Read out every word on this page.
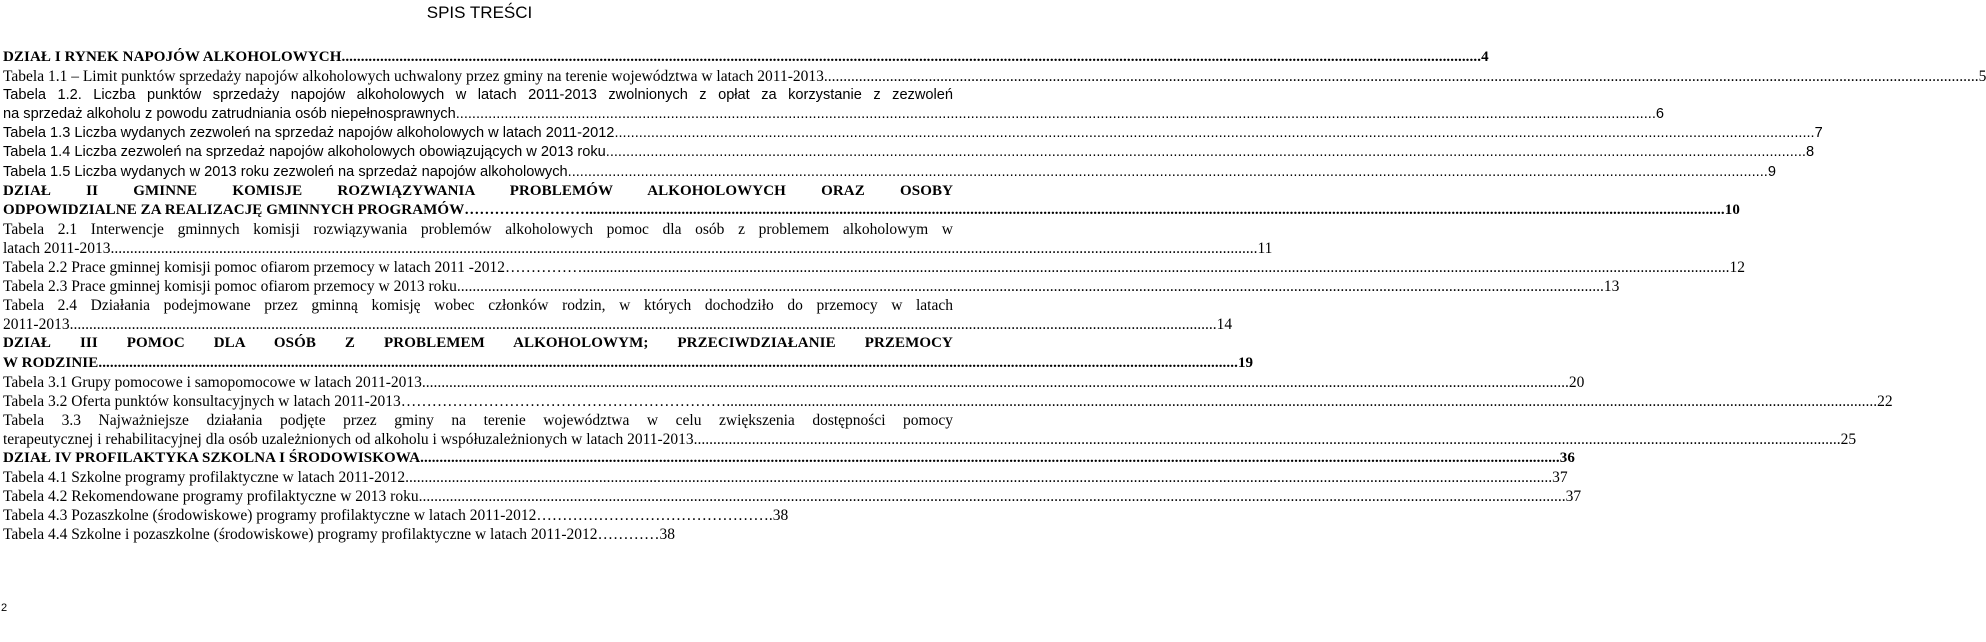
SPIS TREŚCI
DZIAŁ I RYNEK NAPOJÓW ALKOHOLOWYCH .....	4
Tabela 1.1 – Limit punktów sprzedaży napojów alkoholowych uchwalony przez gminy na terenie województwa w latach 2011-2013.. .....	5
Tabela 1.2. Liczba punktów sprzedaży napojów alkoholowych w latach 2011-2013 zwolnionych z opłat za korzystanie z zezwoleń
na sprzedaż alkoholu z powodu zatrudniania osób niepełnosprawnych .....	6
Tabela 1.3 Liczba wydanych zezwoleń na sprzedaż napojów alkoholowych w latach 2011-2012 .....	7
Tabela 1.4 Liczba zezwoleń na sprzedaż napojów alkoholowych obowiązujących w 2013 roku .....	8
Tabela 1.5 Liczba wydanych w 2013 roku zezwoleń na sprzedaż napojów alkoholowych .....	9
DZIAŁ II GMINNE KOMISJE ROZWIĄZYWANIA PROBLEMÓW ALKOHOLOWYCH ORAZ OSOBY
ODPOWIDZIALNE ZA REALIZACJĘ GMINNYCH PROGRAMÓW…………………… .....	10
Tabela 2.1 Interwencje gminnych komisji rozwiązywania problemów alkoholowych pomoc dla osób z problemem alkoholowym w
latach 2011-2013 .....	11
Tabela 2.2 Prace gminnej komisji pomoc ofiarom przemocy w latach 2011 -2012…………… .....	12
Tabela 2.3 Prace gminnej komisji pomoc ofiarom przemocy w 2013 roku .....	13
Tabela 2.4 Działania podejmowane przez gminną komisję wobec członków rodzin, w których dochodziło do przemocy w latach
2011-2013 .....	14
DZIAŁ III POMOC DLA OSÓB Z PROBLEMEM ALKOHOLOWYM; PRZECIWDZIAŁANIE PRZEMOCY
W RODZINIE .....	19
Tabela 3.1 Grupy pomocowe i samopomocowe w latach 2011-2013 .....	20
Tabela 3.2 Oferta punktów konsultacyjnych w latach 2011-2013………………………………………………………. .....	22
Tabela 3.3 Najważniejsze działania podjęte przez gminy na terenie województwa w celu zwiększenia dostępności pomocy
terapeutycznej i rehabilitacyjnej dla osób uzależnionych od alkoholu i współuzależnionych w latach 2011-2013 .....	25
DZIAŁ IV PROFILAKTYKA SZKOLNA I ŚRODOWISKOWA .....	36
Tabela 4.1 Szkolne programy profilaktyczne w latach 2011-2012 .....	37
Tabela 4.2 Rekomendowane programy profilaktyczne w 2013 roku .....	37
Tabela 4.3 Pozaszkolne (środowiskowe) programy profilaktyczne w latach 2011-2012……………………………………….38
Tabela 4.4 Szkolne i pozaszkolne (środowiskowe) programy profilaktyczne w latach 2011-2012…………38
2
